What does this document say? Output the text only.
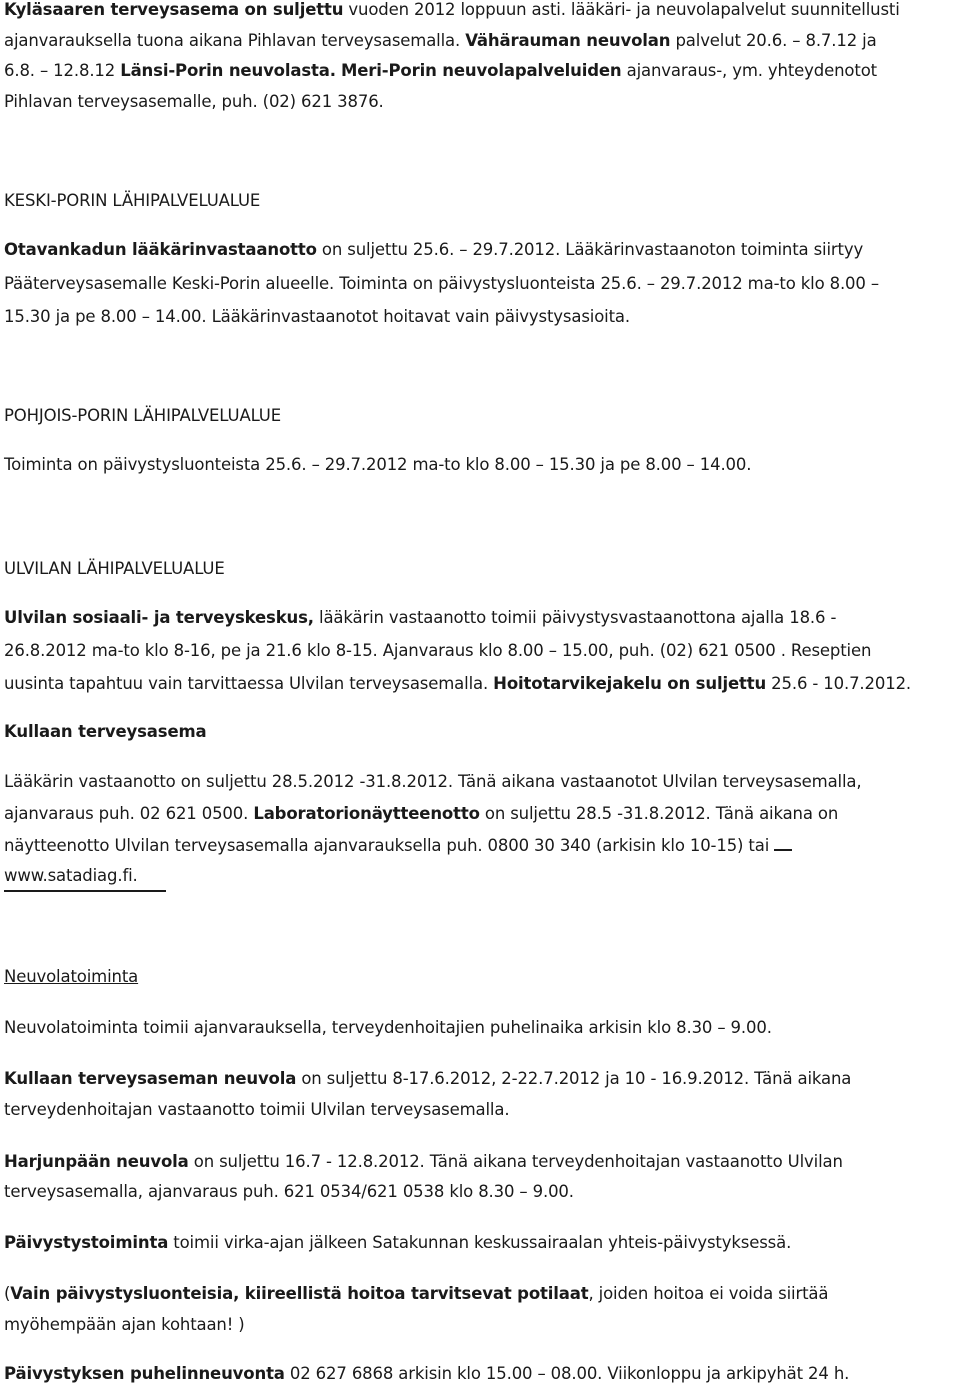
Kyläsaaren terveysasema on suljettu vuoden 2012 loppuun asti. lääkäri- ja neuvolapalvelut suunnitellusti
ajanvarauksella tuona aikana Pihlavan terveysasemalla. Vähärauman neuvolan palvelut 20.6. – 8.7.12 ja
6.8. – 12.8.12 Länsi-Porin neuvolasta. Meri-Porin neuvolapalveluiden ajanvaraus-, ym. yhteydenotot
Pihlavan terveysasemalle, puh. (02) 621 3876.
KESKI-PORIN LÄHIPALVELUALUE
Otavankadun lääkärinvastaanotto on suljettu 25.6. – 29.7.2012. Lääkärinvastaanoton toiminta siirtyy
Pääterveysasemalle Keski-Porin alueelle. Toiminta on päivystysluonteista 25.6. – 29.7.2012 ma-to klo 8.00 –
15.30 ja pe 8.00 – 14.00. Lääkärinvastaanotot hoitavat vain päivystysasioita.
POHJOIS-PORIN LÄHIPALVELUALUE
Toiminta on päivystysluonteista 25.6. – 29.7.2012 ma-to klo 8.00 – 15.30 ja pe 8.00 – 14.00.
ULVILAN LÄHIPALVELUALUE
Ulvilan sosiaali- ja terveyskeskus, lääkärin vastaanotto toimii päivystysvastaanottona ajalla 18.6 -
26.8.2012 ma-to klo 8-16, pe ja 21.6 klo 8-15. Ajanvaraus klo 8.00 – 15.00, puh. (02) 621 0500 . Reseptien
uusinta tapahtuu vain tarvittaessa Ulvilan terveysasemalla. Hoitotarvikejakelu on suljettu 25.6 - 10.7.2012.
Kullaan terveysasema
Lääkärin vastaanotto on suljettu 28.5.2012 -31.8.2012. Tänä aikana vastaanotot Ulvilan terveysasemalla,
ajanvaraus puh. 02 621 0500. Laboratorionäytteenotto on suljettu 28.5 -31.8.2012. Tänä aikana on
näytteenotto Ulvilan terveysasemalla ajanvarauksella puh. 0800 30 340 (arkisin klo 10-15) tai
www.satadiag.fi.
Neuvolatoiminta
Neuvolatoiminta toimii ajanvarauksella, terveydenhoitajien puhelinaika arkisin klo 8.30 – 9.00.
Kullaan terveysaseman neuvola on suljettu 8-17.6.2012, 2-22.7.2012 ja 10 - 16.9.2012. Tänä aikana
terveydenhoitajan vastaanotto toimii Ulvilan terveysasemalla.
Harjunpään neuvola on suljettu 16.7 - 12.8.2012. Tänä aikana terveydenhoitajan vastaanotto Ulvilan
terveysasemalla, ajanvaraus puh. 621 0534/621 0538 klo 8.30 – 9.00.
Päivystystoiminta toimii virka-ajan jälkeen Satakunnan keskussairaalan yhteis-päivystyksessä.
(Vain päivystysluonteisia, kiireellistä hoitoa tarvitsevat potilaat, joiden hoitoa ei voida siirtää
myöhempään ajan kohtaan! )
Päivystyksen puhelinneuvonta 02 627 6868 arkisin klo 15.00 – 08.00. Viikonloppu ja arkipyhät 24 h.
